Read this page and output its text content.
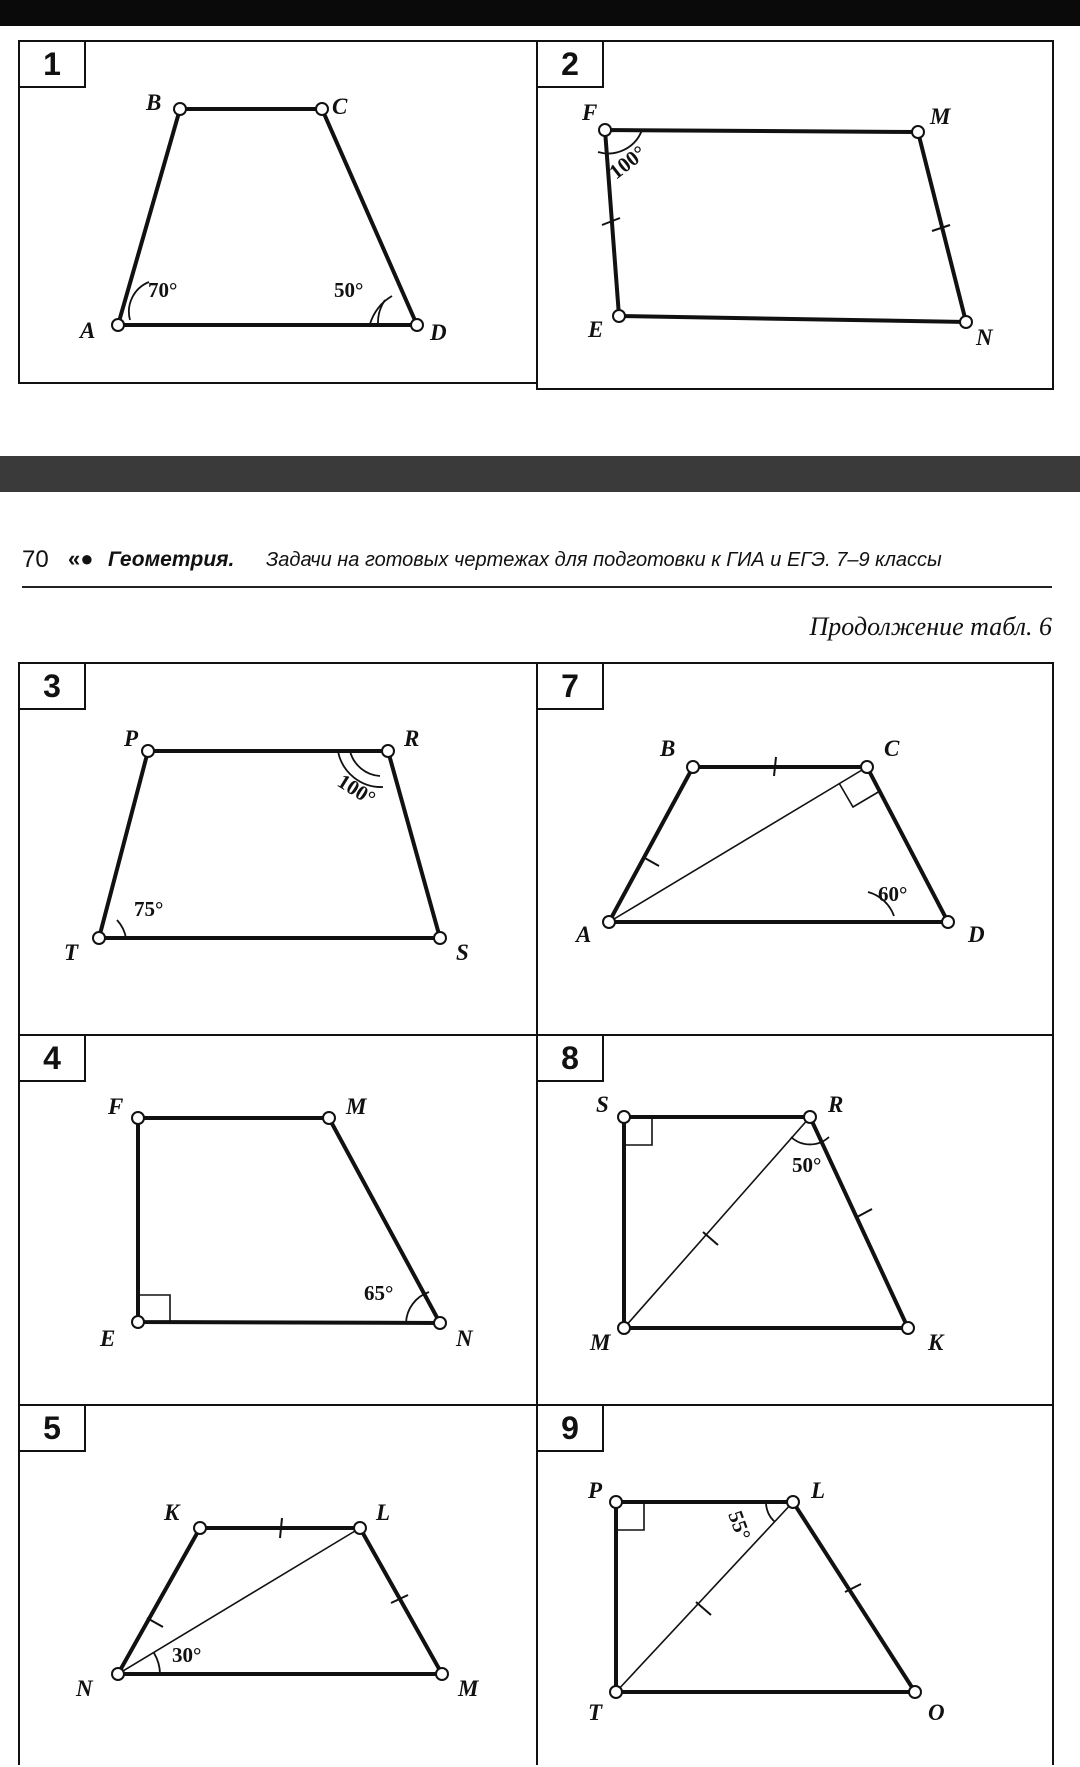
1
A
B	C
D
70°	50°
2
F	M
E	N
100°
70 «● Геометрия. Задачи на готовых чертежах для подготовки к ГИА и ЕГЭ. 7–9 классы
Продолжение табл. 6
3
P	R
T	S
100°
75°
7
B	C
A	D
60°
4
F	M
E	N
65°
8
S	R
M	K
50°
5
K	L
N	M
30°
9
P	L
T	O
55°
